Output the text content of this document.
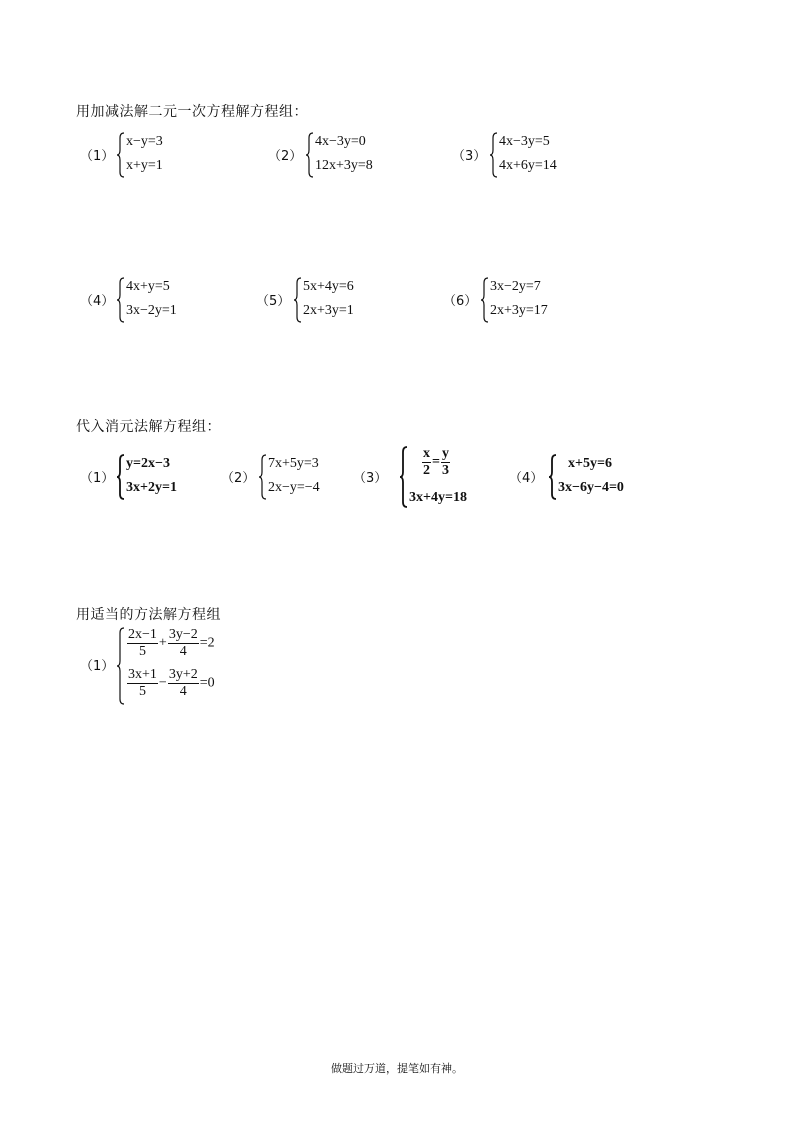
用加减法解二元一次方程解方程组：
（1）
x−y=3
x+y=1
（2）
4x−3y=0
12x+3y=8
（3）
4x−3y=5
4x+6y=14
（4）
4x+y=5
3x−2y=1
（5）
5x+4y=6
2x+3y=1
（6）
3x−2y=7
2x+3y=17
代入消元法解方程组：
（1）
y=2x−3
3x+2y=1
（2）
7x+5y=3
2x−y=−4
$(3) \frac{x}{2} = \frac{y}{3}$
3x+4y=18
（4）
x+5y=6
3x−6y−4=0
用适当的方法解方程组
（1）
$\frac{2x-1}{5} + \frac{3y-2}{4} =2$
$\frac{3x+1}{5} - \frac{3y+2}{4} =0$
做题过万道，提笔如有神。
